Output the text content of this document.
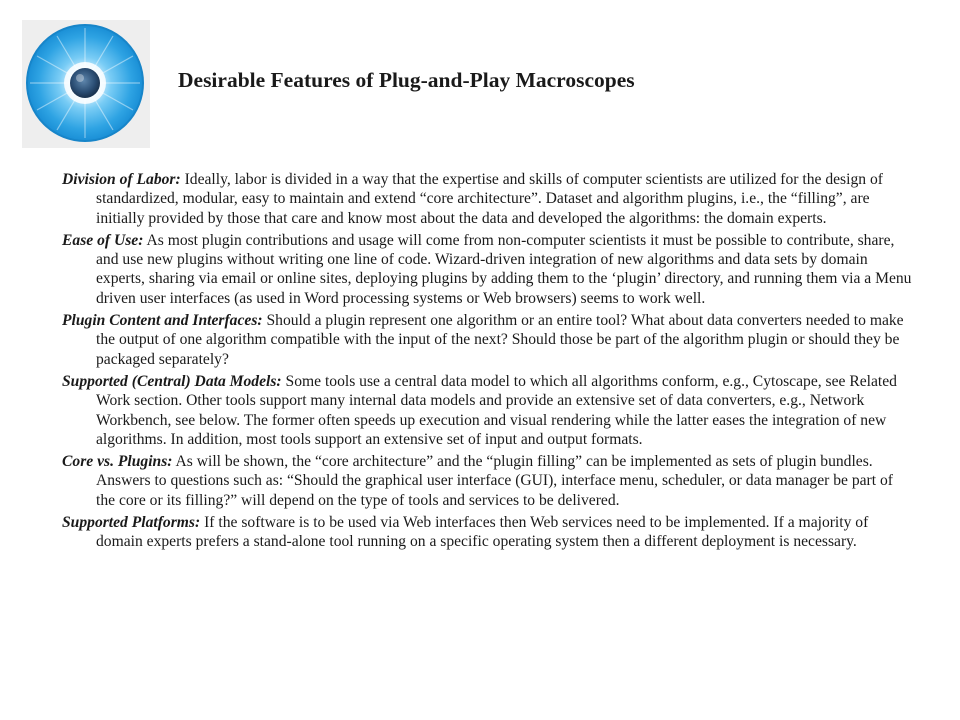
Desirable Features of Plug-and-Play Macroscopes

Division of Labor: Ideally, labor is divided in a way that the expertise and skills of computer scientists are utilized for the design of standardized, modular, easy to maintain and extend “core architecture”. Dataset and algorithm plugins, i.e., the “filling”, are initially provided by those that care and know most about the data and developed the algorithms: the domain experts.

Ease of Use: As most plugin contributions and usage will come from non-computer scientists it must be possible to contribute, share, and use new plugins without writing one line of code. Wizard-driven integration of new algorithms and data sets by domain experts, sharing via email or online sites, deploying plugins by adding them to the ‘plugin’ directory, and running them via a Menu driven user interfaces (as used in Word processing systems or Web browsers) seems to work well.

Plugin Content and Interfaces: Should a plugin represent one algorithm or an entire tool? What about data converters needed to make the output of one algorithm compatible with the input of the next? Should those be part of the algorithm plugin or should they be packaged separately?

Supported (Central) Data Models: Some tools use a central data model to which all algorithms conform, e.g., Cytoscape, see Related Work section. Other tools support many internal data models and provide an extensive set of data converters, e.g., Network Workbench, see below. The former often speeds up execution and visual rendering while the latter eases the integration of new algorithms. In addition, most tools support an extensive set of input and output formats.

Core vs. Plugins: As will be shown, the “core architecture” and the “plugin filling” can be implemented as sets of plugin bundles. Answers to questions such as: “Should the graphical user interface (GUI), interface menu, scheduler, or data manager be part of the core or its filling?” will depend on the type of tools and services to be delivered.

Supported Platforms: If the software is to be used via Web interfaces then Web services need to be implemented. If a majority of domain experts prefers a stand-alone tool running on a specific operating system then a different deployment is necessary.
